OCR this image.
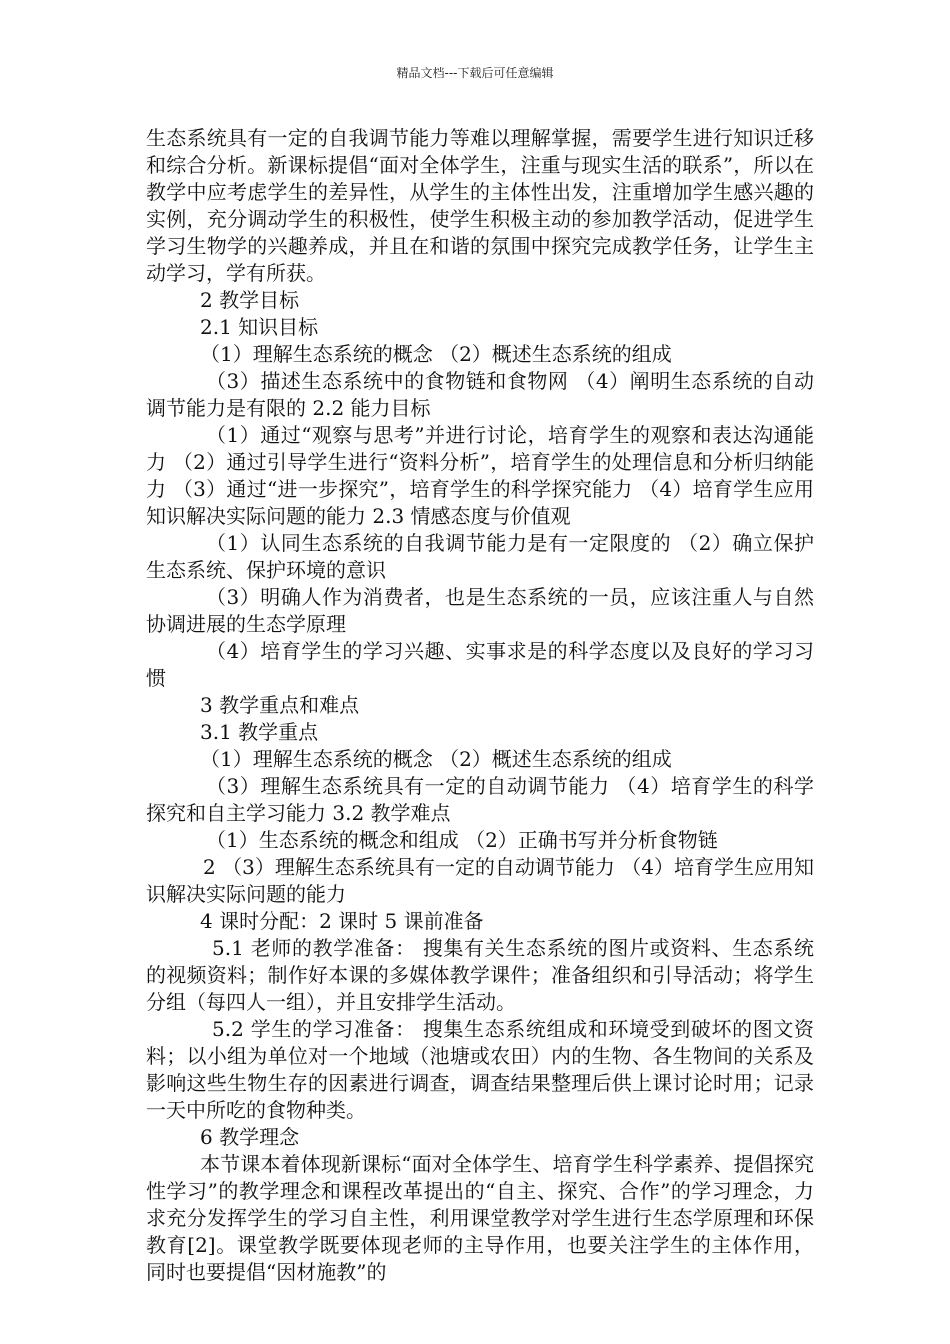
精品文档---下载后可任意编辑

生态系统具有一定的自我调节能力等难以理解掌握，需要学生进行知识迁移和综合分析。新课标提倡“面对全体学生，注重与现实生活的联系”，所以在教学中应考虑学生的差异性，从学生的主体性出发，注重增加学生感兴趣的实例，充分调动学生的积极性，使学生积极主动的参加教学活动，促进学生学习生物学的兴趣养成，并且在和谐的氛围中探究完成教学任务，让学生主动学习，学有所获。

2 教学目标

2.1 知识目标

（1）理解生态系统的概念 （2）概述生态系统的组成

（3）描述生态系统中的食物链和食物网 （4）阐明生态系统的自动调节能力是有限的 2.2 能力目标

（1）通过“观察与思考”并进行讨论，培育学生的观察和表达沟通能力 （2）通过引导学生进行“资料分析”，培育学生的处理信息和分析归纳能力 （3）通过“进一步探究”，培育学生的科学探究能力 （4）培育学生应用知识解决实际问题的能力 2.3 情感态度与价值观

（1）认同生态系统的自我调节能力是有一定限度的 （2）确立保护生态系统、保护环境的意识

（3）明确人作为消费者，也是生态系统的一员，应该注重人与自然协调进展的生态学原理

（4）培育学生的学习兴趣、实事求是的科学态度以及良好的学习习惯

3 教学重点和难点

3.1 教学重点

（1）理解生态系统的概念 （2）概述生态系统的组成

（3）理解生态系统具有一定的自动调节能力 （4）培育学生的科学探究和自主学习能力 3.2 教学难点

（1）生态系统的概念和组成 （2）正确书写并分析食物链

2 （3）理解生态系统具有一定的自动调节能力 （4）培育学生应用知识解决实际问题的能力

4 课时分配：2 课时 5 课前准备

5.1 老师的教学准备： 搜集有关生态系统的图片或资料、生态系统的视频资料；制作好本课的多媒体教学课件；准备组织和引导活动；将学生分组（每四人一组），并且安排学生活动。

5.2 学生的学习准备： 搜集生态系统组成和环境受到破坏的图文资料；以小组为单位对一个地域（池塘或农田）内的生物、各生物间的关系及影响这些生物生存的因素进行调查，调查结果整理后供上课讨论时用；记录一天中所吃的食物种类。

6 教学理念

本节课本着体现新课标“面对全体学生、培育学生科学素养、提倡探究性学习”的教学理念和课程改革提出的“自主、探究、合作”的学习理念，力求充分发挥学生的学习自主性，利用课堂教学对学生进行生态学原理和环保教育[2]。课堂教学既要体现老师的主导作用，也要关注学生的主体作用，同时也要提倡“因材施教”的
